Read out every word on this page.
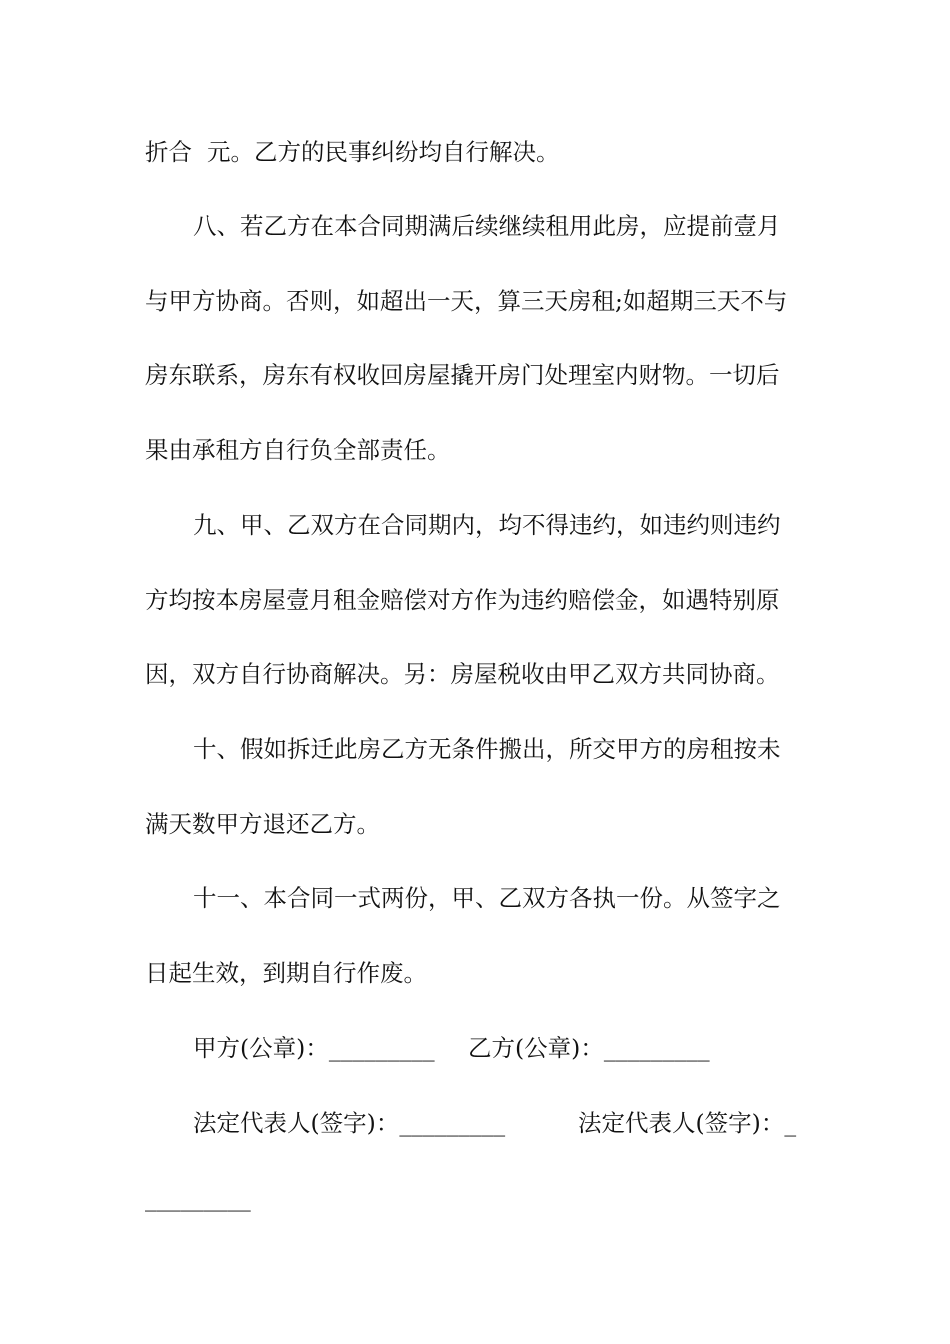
折合  元。乙方的民事纠纷均自行解决。
八、若乙方在本合同期满后续继续租用此房，应提前壹月
与甲方协商。否则，如超出一天，算三天房租;如超期三天不与
房东联系，房东有权收回房屋撬开房门处理室内财物。一切后
果由承租方自行负全部责任。
九、甲、乙双方在合同期内，均不得违约，如违约则违约
方均按本房屋壹月租金赔偿对方作为违约赔偿金，如遇特别原
因，双方自行协商解决。另：房屋税收由甲乙双方共同协商。
十、假如拆迁此房乙方无条件搬出，所交甲方的房租按未
满天数甲方退还乙方。
十一、本合同一式两份，甲、乙双方各执一份。从签字之
日起生效，到期自行作废。
甲方(公章)：_________ 乙方(公章)：_________
法定代表人(签字)：_________	法定代表人(签字)：_
_________
